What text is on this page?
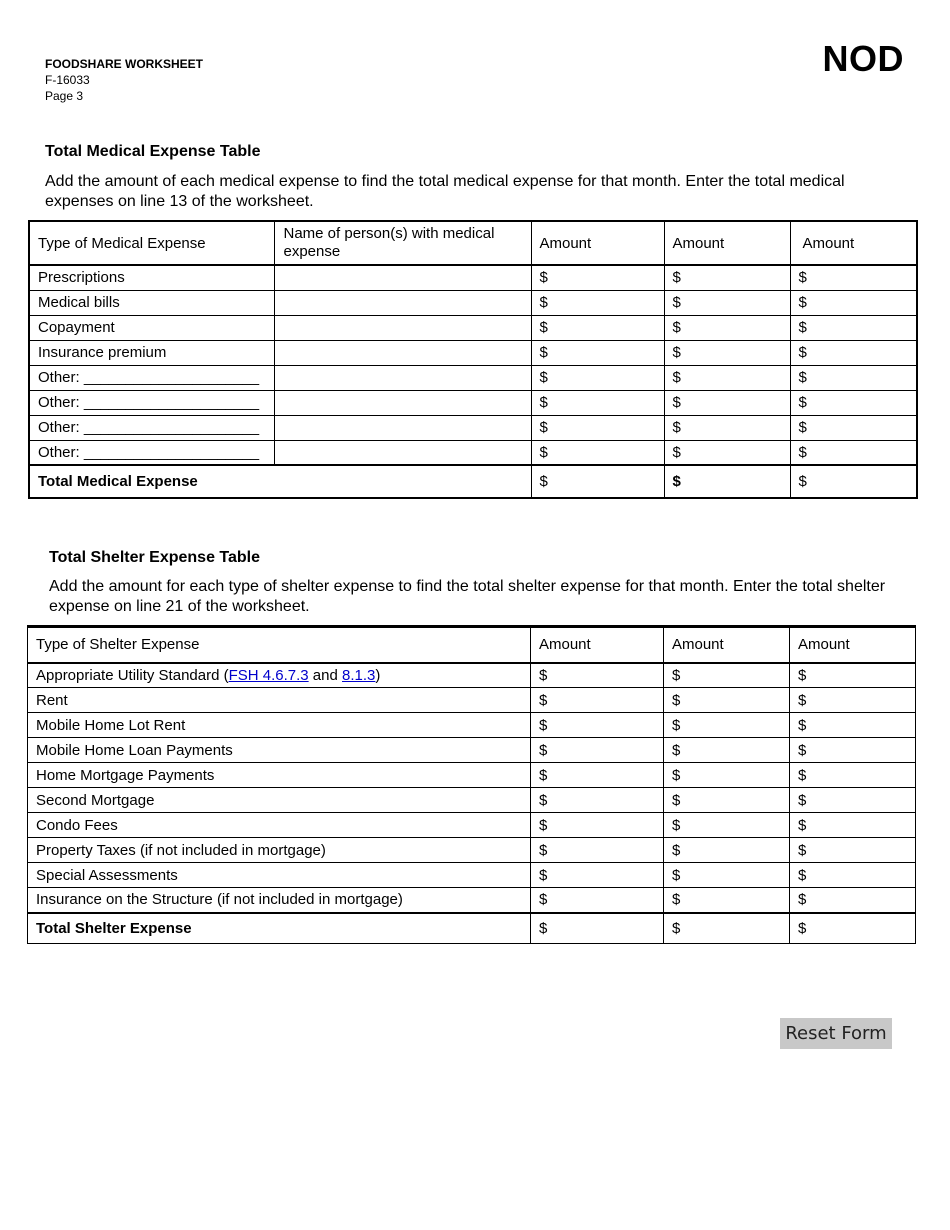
FOODSHARE WORKSHEET
F-16033
Page 3
NOD
Total Medical Expense Table
Add the amount of each medical expense to find the total medical expense for that month. Enter the total medical expenses on line 13 of the worksheet.
Type of Medical Expense	Name of person(s) with medical expense	Amount	Amount	Amount
Prescriptions		$	$	$
Medical bills		$	$	$
Copayment		$	$	$
Insurance premium		$	$	$
Other: _____________________		$	$	$
Other: _____________________		$	$	$
Other: _____________________		$	$	$
Other: _____________________		$	$	$
Total Medical Expense		$	$	$
Total Shelter Expense Table
Add the amount for each type of shelter expense to find the total shelter expense for that month. Enter the total shelter expense on line 21 of the worksheet.
Type of Shelter Expense	Amount	Amount	Amount
Appropriate Utility Standard (FSH 4.6.7.3 and 8.1.3)	$	$	$
Rent	$	$	$
Mobile Home Lot Rent	$	$	$
Mobile Home Loan Payments	$	$	$
Home Mortgage Payments	$	$	$
Second Mortgage	$	$	$
Condo Fees	$	$	$
Property Taxes (if not included in mortgage)	$	$	$
Special Assessments	$	$	$
Insurance on the Structure (if not included in mortgage)	$	$	$
Total Shelter Expense	$	$	$
Reset Form
